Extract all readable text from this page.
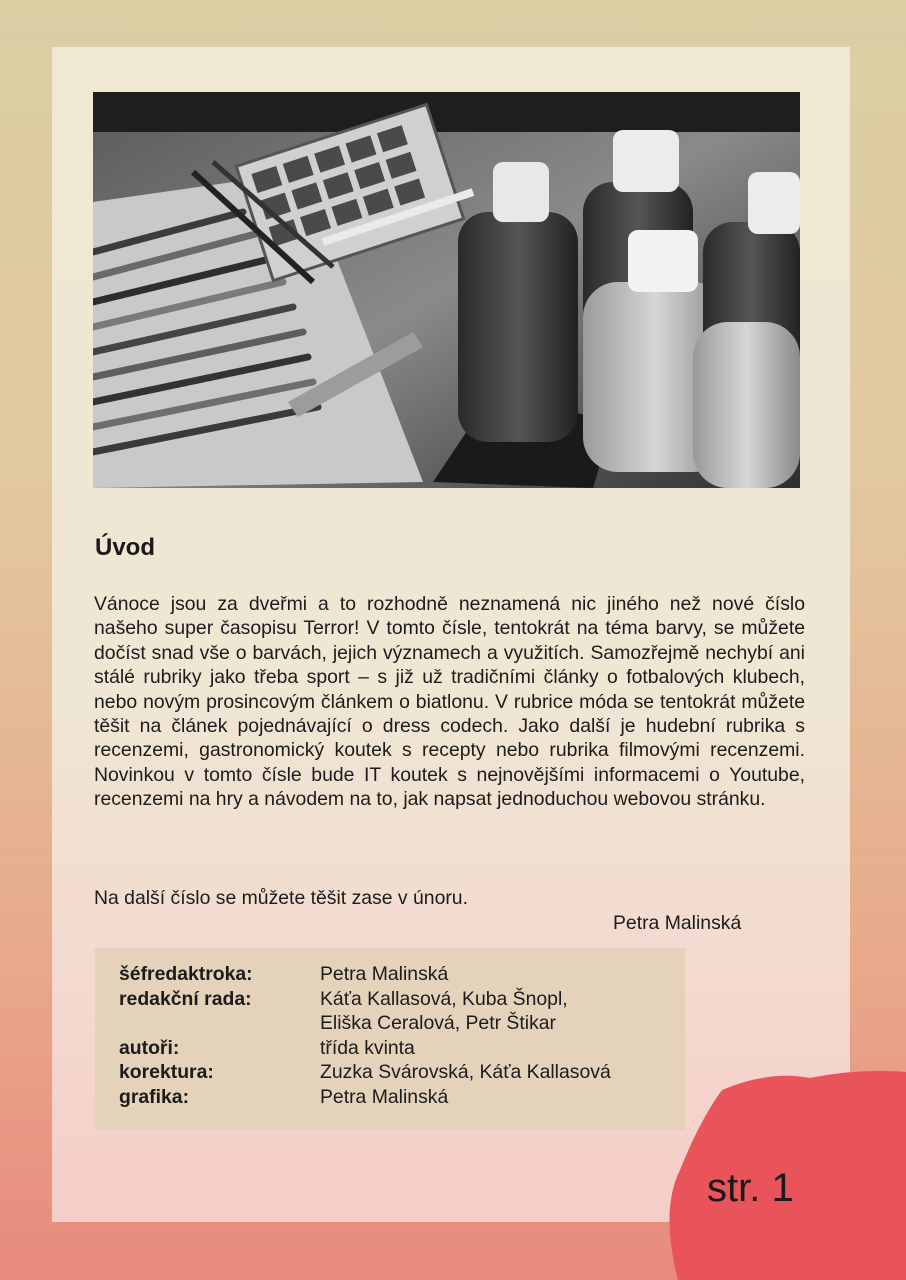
Úvod
Vánoce jsou za dveřmi a to rozhodně neznamená nic jiného než nové číslo našeho super časopisu Terror! V tomto čísle, tentokrát na téma barvy, se můžete dočíst snad vše o barvách, jejich významech a využitích. Samozřejmě nechybí ani stálé rubriky jako třeba sport – s již už tradičními články o fotbalových klubech, nebo novým prosincovým článkem o biatlonu. V rubrice móda se tentokrát můžete těšit na článek pojednávající o dress codech. Jako další je hudební rubrika s recenzemi, gastronomický koutek s recepty nebo rubrika filmovými recenzemi. Novinkou v tomto čísle bude IT koutek s nejnovějšími informacemi o Youtube, recenzemi na hry a návodem na to, jak napsat jednoduchou webovou stránku.
Na další číslo se můžete těšit zase v únoru.
Petra Malinská
šéfredaktroka:	Petra Malinská
redakční rada:	Káťa Kallasová, Kuba Šnopl,
	Eliška Ceralová, Petr Štikar
autoři:	třída kvinta
korektura:	Zuzka Svárovská, Káťa Kallasová
grafika:	Petra Malinská
str. 1
